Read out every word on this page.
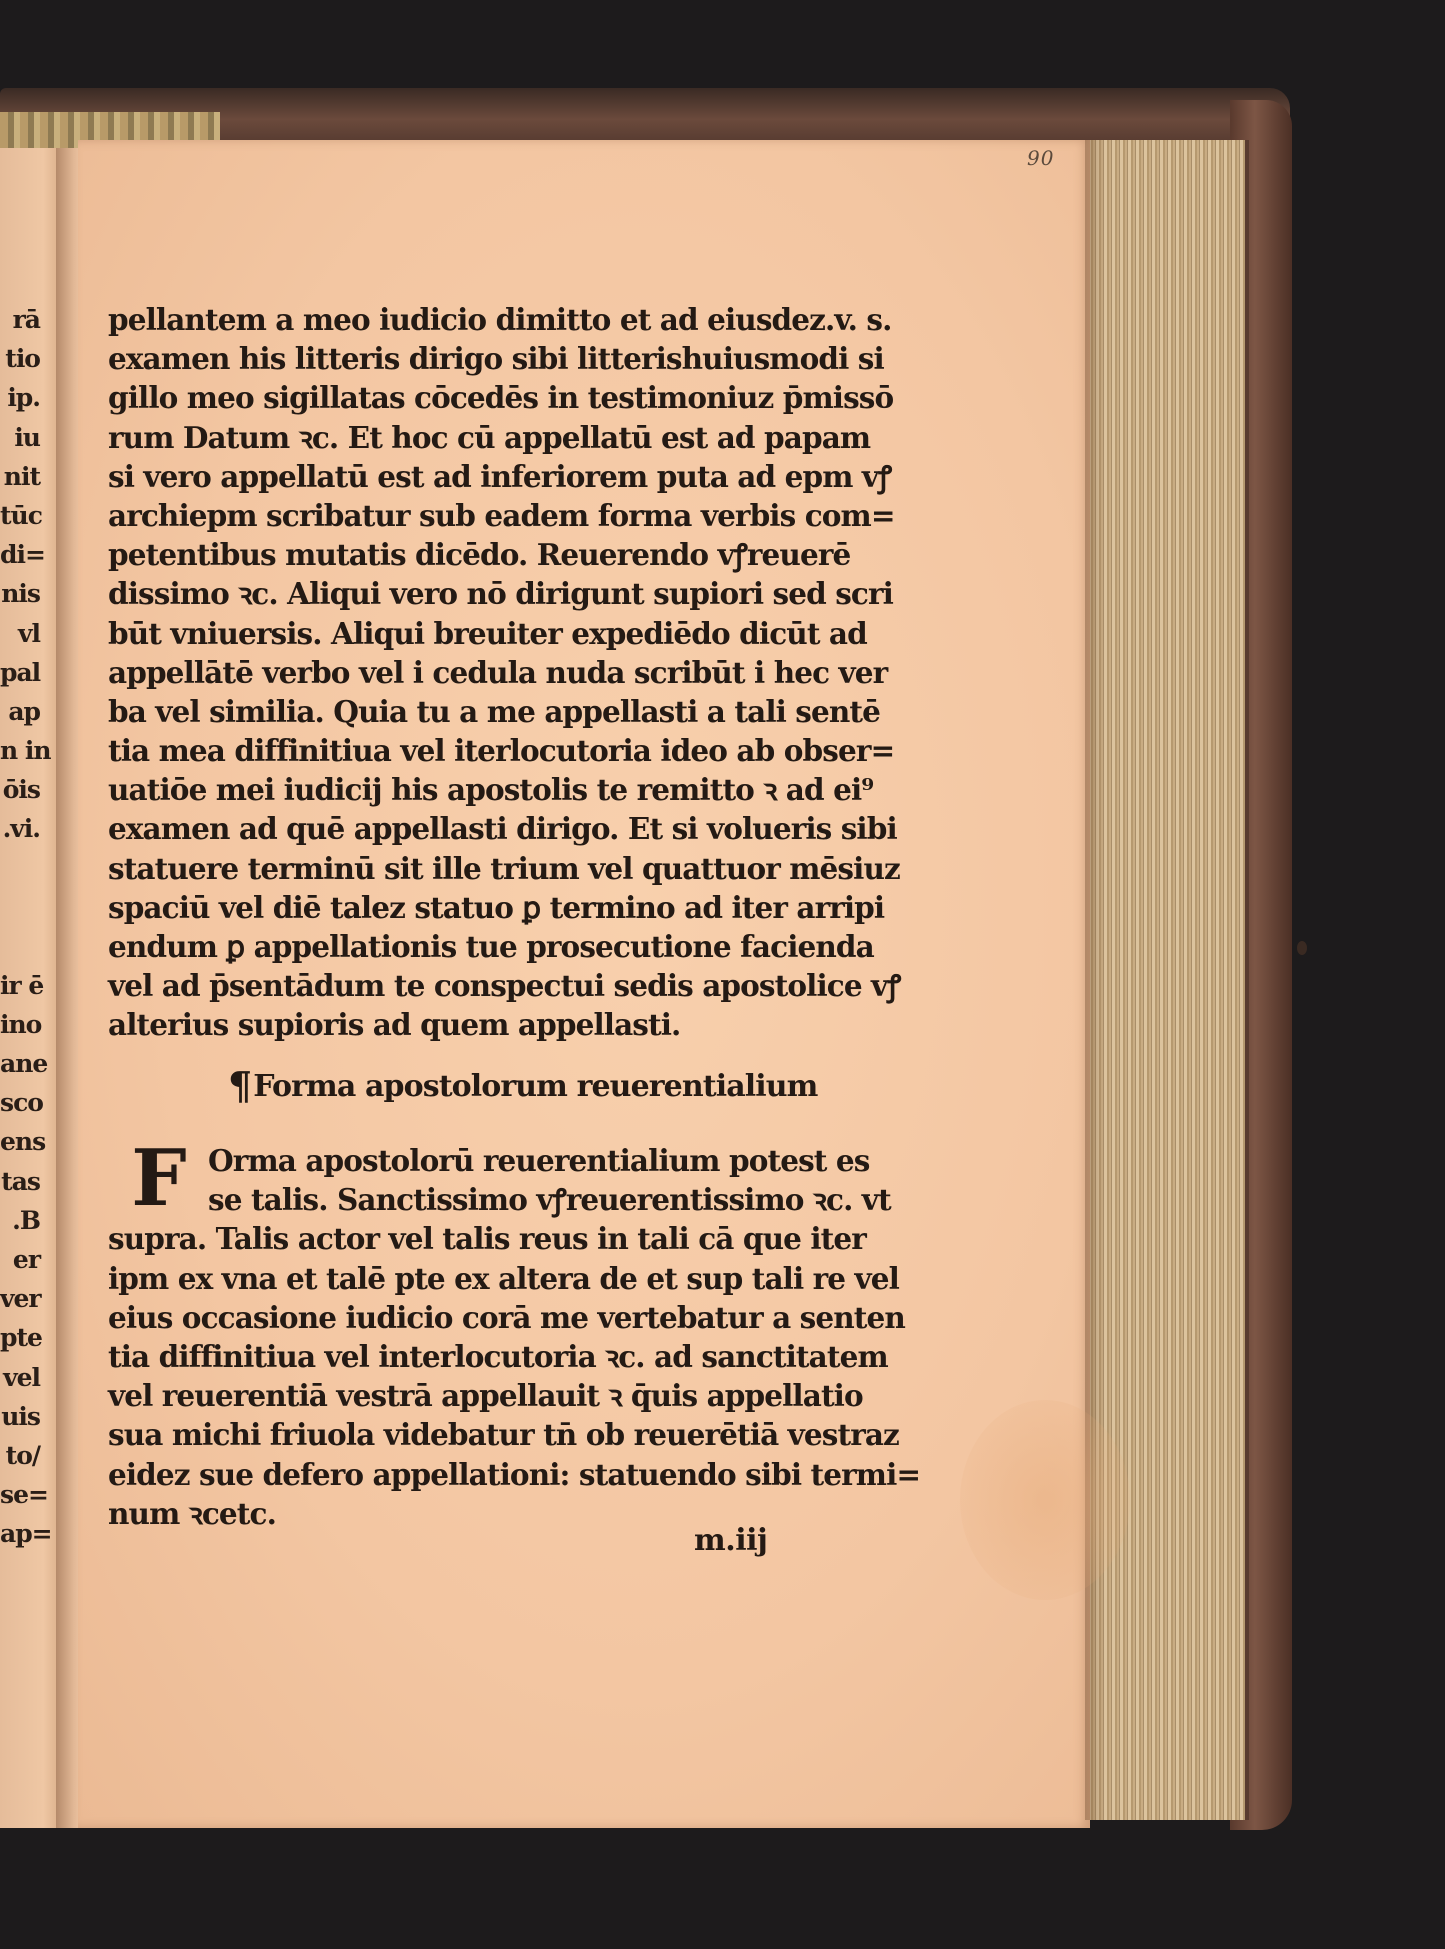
90
rā
tio
ip.
iu
nit
tūc
di=
nis
vl
pal
ap
n in
ōis
.vi.
ir ē
ino
ane
sco
ens
tas
.B
er
ver
pte
vel
uis
to/
se=
ap=
pellantem a meo iudicio dimitto et ad eiusdez.v. s.
examen his litteris dirigo sibi litterishuiusmodi si
gillo meo sigillatas cōcedēs in testimoniuz p̄missō
rum Datum ꝛc. Et hoc cū appellatū est ad papam
si vero appellatū est ad inferiorem puta ad epm vꝭ
archiepm scribatur sub eadem forma verbis com=
petentibus mutatis dicēdo. Reuerendo vꝭreuerē
dissimo ꝛc. Aliqui vero nō dirigunt supiori sed scri
būt vniuersis. Aliqui breuiter expediēdo dicūt ad
appellātē verbo vel i cedula nuda scribūt i hec ver
ba vel similia. Quia tu a me appellasti a tali sentē
tia mea diffinitiua vel iterlocutoria ideo ab obser=
uatiōe mei iudicij his apostolis te remitto ꝛ ad ei⁹
examen ad quē appellasti dirigo. Et si volueris sibi
statuere terminū sit ille trium vel quattuor mēsiuz
spaciū vel diē talez statuo ꝑ termino ad iter arripi
endum ꝑ appellationis tue prosecutione facienda
vel ad p̄sentādum te conspectui sedis apostolice vꝭ
alterius supioris ad quem appellasti.
¶Forma apostolorum reuerentialium
F Orma apostolorū reuerentialium potest es
se talis. Sanctissimo vꝭreuerentissimo ꝛc. vt
supra. Talis actor vel talis reus in tali cā que iter
ipm ex vna et talē pte ex altera de et sup tali re vel
eius occasione iudicio corā me vertebatur a senten
tia diffinitiua vel interlocutoria ꝛc. ad sanctitatem
vel reuerentiā vestrā appellauit ꝛ q̄uis appellatio
sua michi friuola videbatur tn̄ ob reuerētiā vestraz
eidez sue defero appellationi: statuendo sibi termi=
num ꝛcetc.
m.iij
